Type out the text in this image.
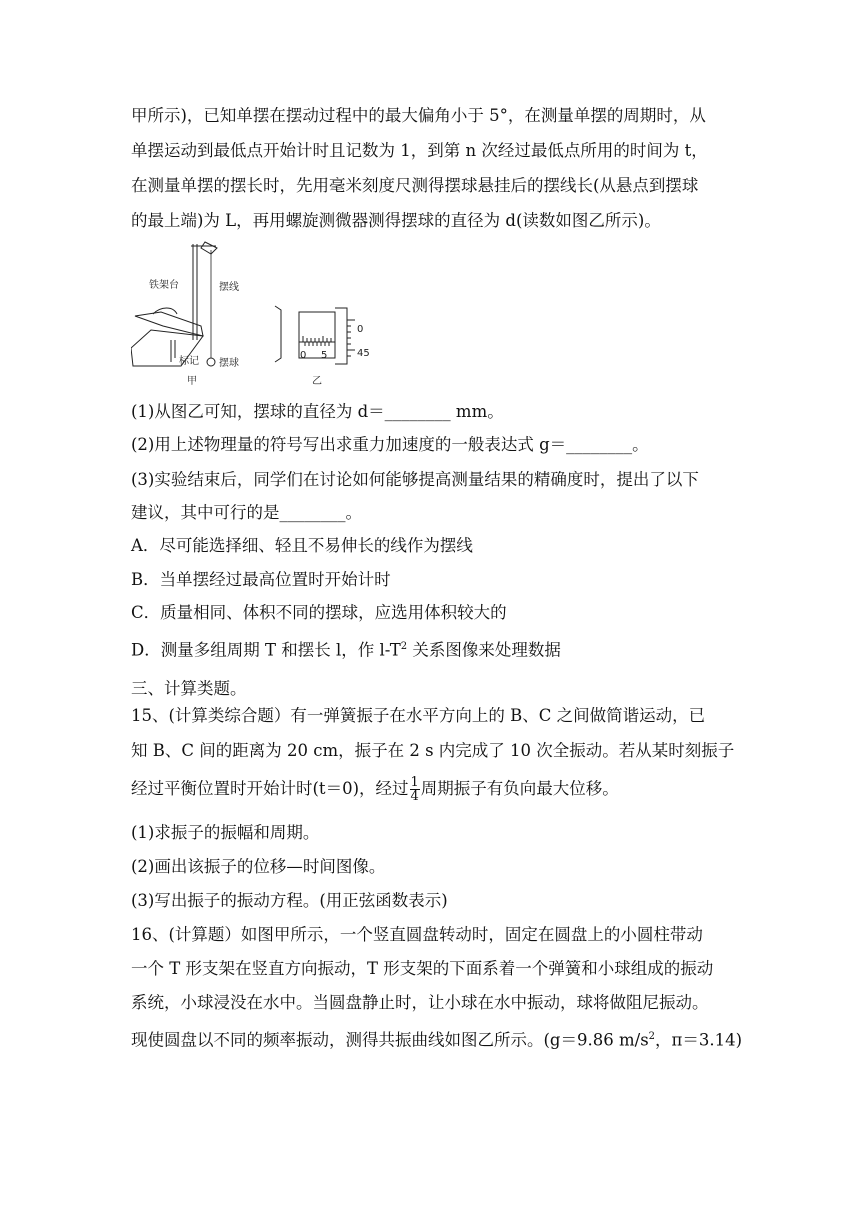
甲所示)，已知单摆在摆动过程中的最大偏角小于 5°，在测量单摆的周期时，从
单摆运动到最低点开始计时且记数为 1，到第 n 次经过最低点所用的时间为 t，
在测量单摆的摆长时，先用毫米刻度尺测得摆球悬挂后的摆线长(从悬点到摆球
的最上端)为 L，再用螺旋测微器测得摆球的直径为 d(读数如图乙所示)。
铁架台	摆线
标记 摆球
甲
0
45
0 5
乙
(1)从图乙可知，摆球的直径为 d＝________ mm。
(2)用上述物理量的符号写出求重力加速度的一般表达式 g＝________。
(3)实验结束后，同学们在讨论如何能够提高测量结果的精确度时，提出了以下
建议，其中可行的是________。
A．尽可能选择细、轻且不易伸长的线作为摆线
B．当单摆经过最高位置时开始计时
C．质量相同、体积不同的摆球，应选用体积较大的
D．测量多组周期 T 和摆长 l，作 $l-T^2$ 关系图像来处理数据
三、计算类题。
15、(计算类综合题）有一弹簧振子在水平方向上的 B、C 之间做简谐运动，已
知 B、C 间的距离为 20 cm，振子在 2 s 内完成了 10 次全振动。若从某时刻振子
经过平衡位置时开始计时(t＝0)，经过 $\frac{1}{4}$ 周期振子有负向最大位移。
(1)求振子的振幅和周期。
(2)画出该振子的位移—时间图像。
(3)写出振子的振动方程。(用正弦函数表示)
16、(计算题）如图甲所示，一个竖直圆盘转动时，固定在圆盘上的小圆柱带动
一个 T 形支架在竖直方向振动，T 形支架的下面系着一个弹簧和小球组成的振动
系统，小球浸没在水中。当圆盘静止时，让小球在水中振动，球将做阻尼振动。
现使圆盘以不同的频率振动，测得共振曲线如图乙所示。(g＝9.86 $m/s^2$，π＝3.14)
